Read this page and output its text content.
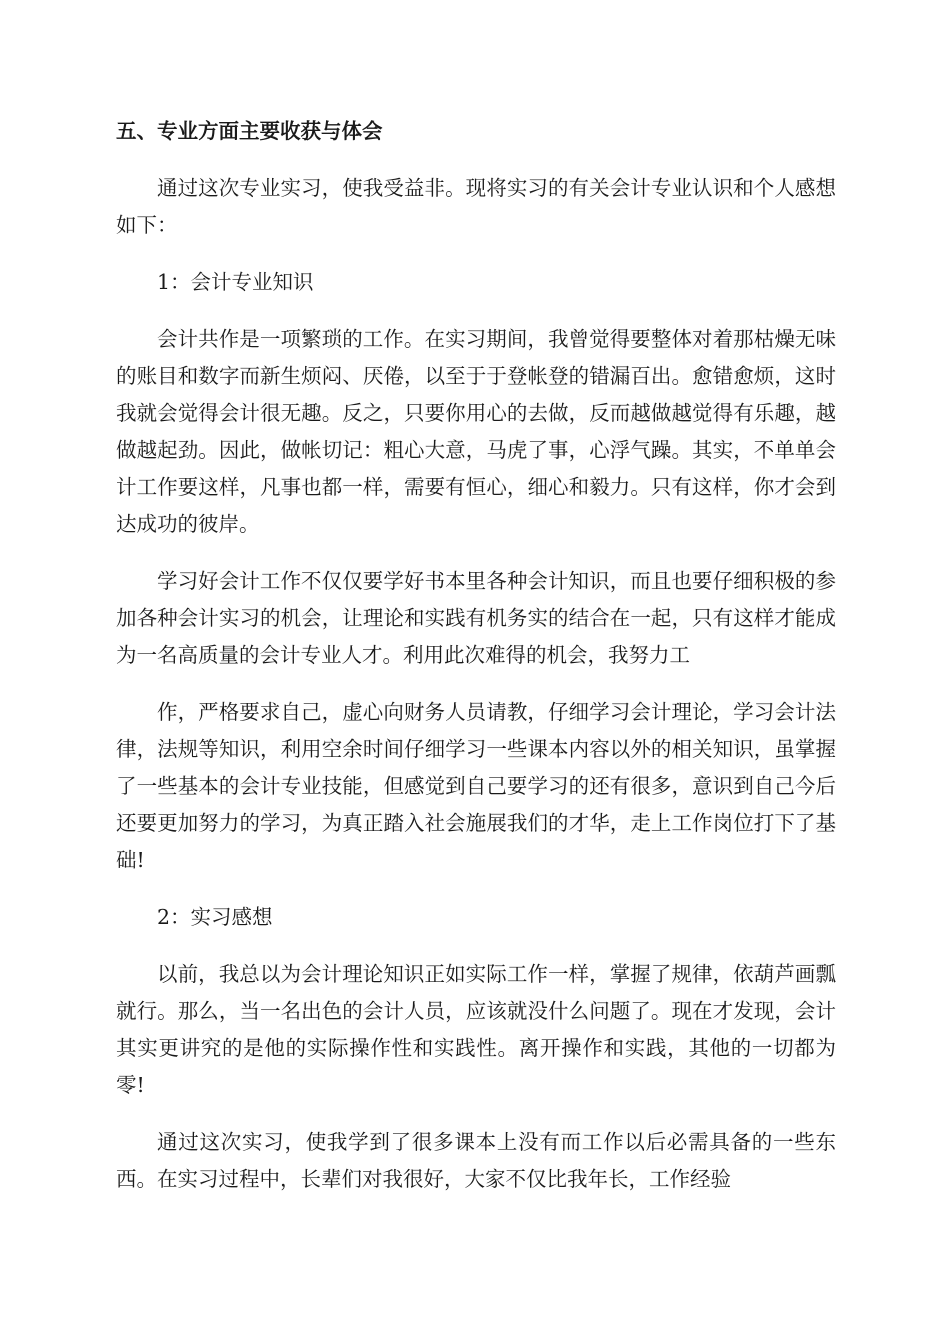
五、专业方面主要收获与体会

通过这次专业实习，使我受益非。现将实习的有关会计专业认识和个人感想如下：

1：会计专业知识

会计共作是一项繁琐的工作。在实习期间，我曾觉得要整体对着那枯燥无味的账目和数字而新生烦闷、厌倦，以至于于登帐登的错漏百出。愈错愈烦，这时我就会觉得会计很无趣。反之，只要你用心的去做，反而越做越觉得有乐趣，越做越起劲。因此，做帐切记：粗心大意，马虎了事，心浮气躁。其实，不单单会计工作要这样，凡事也都一样，需要有恒心，细心和毅力。只有这样，你才会到达成功的彼岸。

学习好会计工作不仅仅要学好书本里各种会计知识，而且也要仔细积极的参加各种会计实习的机会，让理论和实践有机务实的结合在一起，只有这样才能成为一名高质量的会计专业人才。利用此次难得的机会，我努力工

作，严格要求自己，虚心向财务人员请教，仔细学习会计理论，学习会计法律，法规等知识，利用空余时间仔细学习一些课本内容以外的相关知识，虽掌握了一些基本的会计专业技能，但感觉到自己要学习的还有很多，意识到自己今后还要更加努力的学习，为真正踏入社会施展我们的才华，走上工作岗位打下了基础!

2：实习感想

以前，我总以为会计理论知识正如实际工作一样，掌握了规律，依葫芦画瓢就行。那么，当一名出色的会计人员，应该就没什么问题了。现在才发现，会计其实更讲究的是他的实际操作性和实践性。离开操作和实践，其他的一切都为零!

通过这次实习，使我学到了很多课本上没有而工作以后必需具备的一些东西。在实习过程中，长辈们对我很好，大家不仅比我年长，工作经验
